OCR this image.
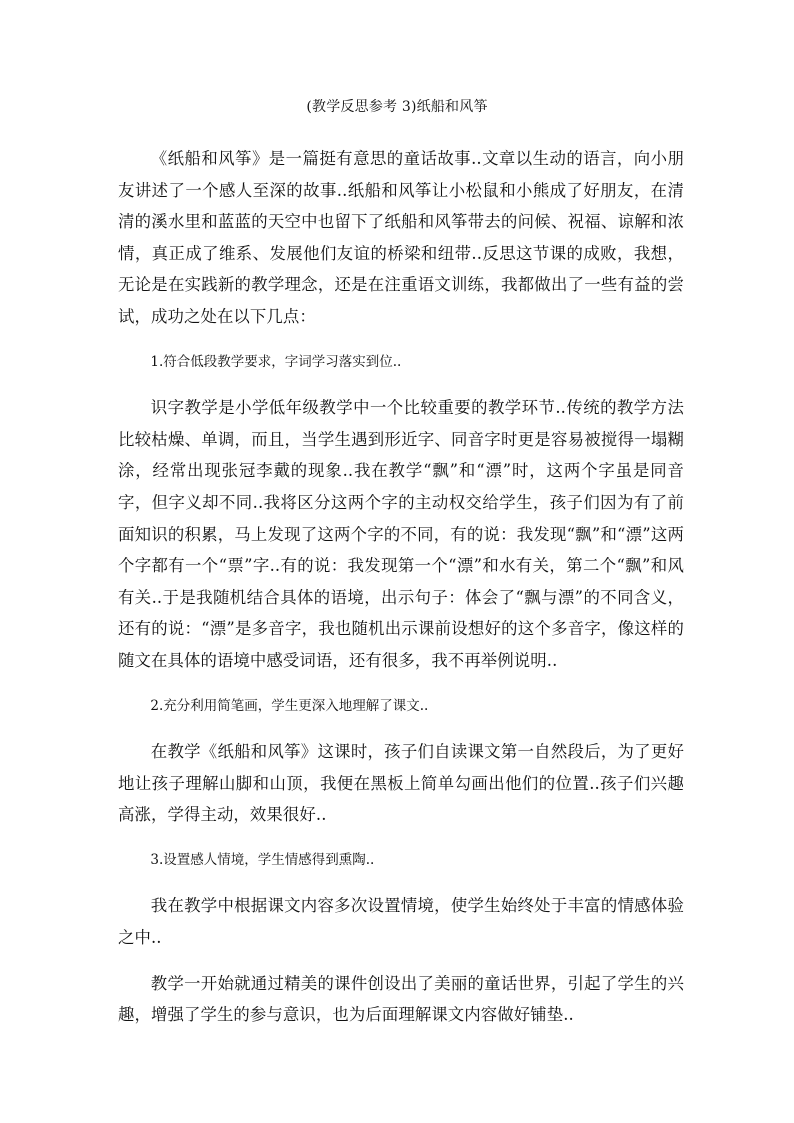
(教学反思参考 3)纸船和风筝

《纸船和风筝》是一篇挺有意思的童话故事..文章以生动的语言，向小朋友讲述了一个感人至深的故事..纸船和风筝让小松鼠和小熊成了好朋友，在清清的溪水里和蓝蓝的天空中也留下了纸船和风筝带去的问候、祝福、谅解和浓情，真正成了维系、发展他们友谊的桥梁和纽带..反思这节课的成败，我想，无论是在实践新的教学理念，还是在注重语文训练，我都做出了一些有益的尝试，成功之处在以下几点：

1.符合低段教学要求，字词学习落实到位..

识字教学是小学低年级教学中一个比较重要的教学环节..传统的教学方法比较枯燥、单调，而且，当学生遇到形近字、同音字时更是容易被搅得一塌糊涂，经常出现张冠李戴的现象..我在教学“飘”和“漂”时，这两个字虽是同音字，但字义却不同..我将区分这两个字的主动权交给学生，孩子们因为有了前面知识的积累，马上发现了这两个字的不同，有的说：我发现“飘”和“漂”这两个字都有一个“票”字..有的说：我发现第一个“漂”和水有关，第二个“飘”和风有关..于是我随机结合具体的语境，出示句子：体会了“飘与漂”的不同含义，还有的说：“漂”是多音字，我也随机出示课前设想好的这个多音字，像这样的随文在具体的语境中感受词语，还有很多，我不再举例说明..

2.充分利用简笔画，学生更深入地理解了课文..

在教学《纸船和风筝》这课时，孩子们自读课文第一自然段后，为了更好地让孩子理解山脚和山顶，我便在黑板上简单勾画出他们的位置..孩子们兴趣高涨，学得主动，效果很好..

3.设置感人情境，学生情感得到熏陶..

我在教学中根据课文内容多次设置情境，使学生始终处于丰富的情感体验之中..

教学一开始就通过精美的课件创设出了美丽的童话世界，引起了学生的兴趣，增强了学生的参与意识，也为后面理解课文内容做好铺垫..
